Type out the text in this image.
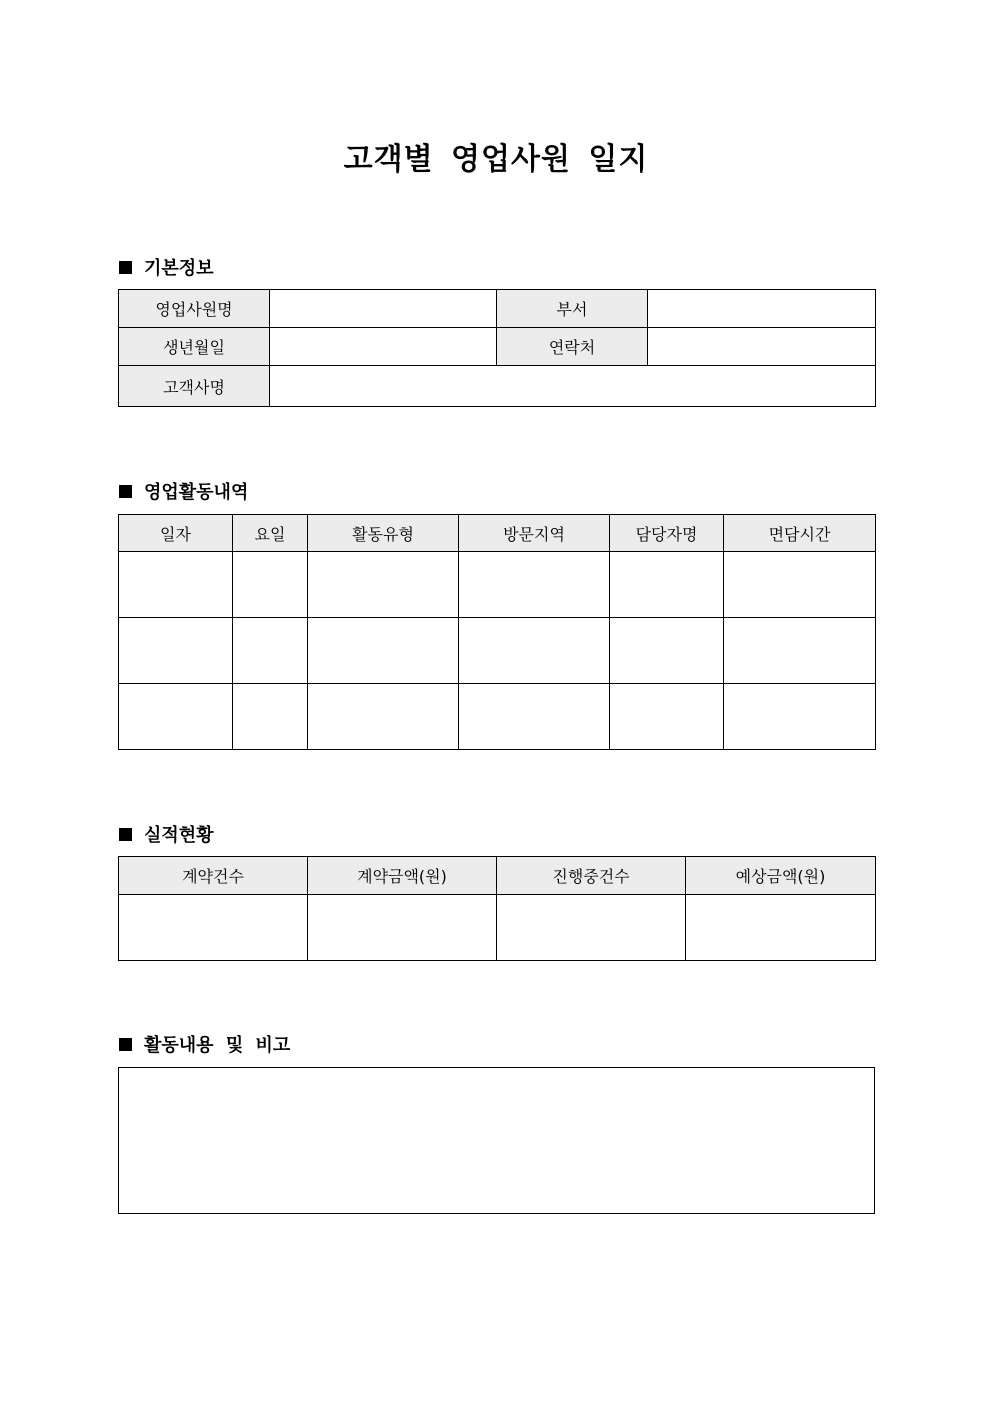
고객별 영업사원 일지
기본정보
영업사원명		부서	
생년월일		연락처	
고객사명			
영업활동내역
일자	요일	활동유형	방문지역	담당자명	면담시간

실적현황
계약건수	계약금액(원)	진행중건수	예상금액(원)

활동내용 및 비고
